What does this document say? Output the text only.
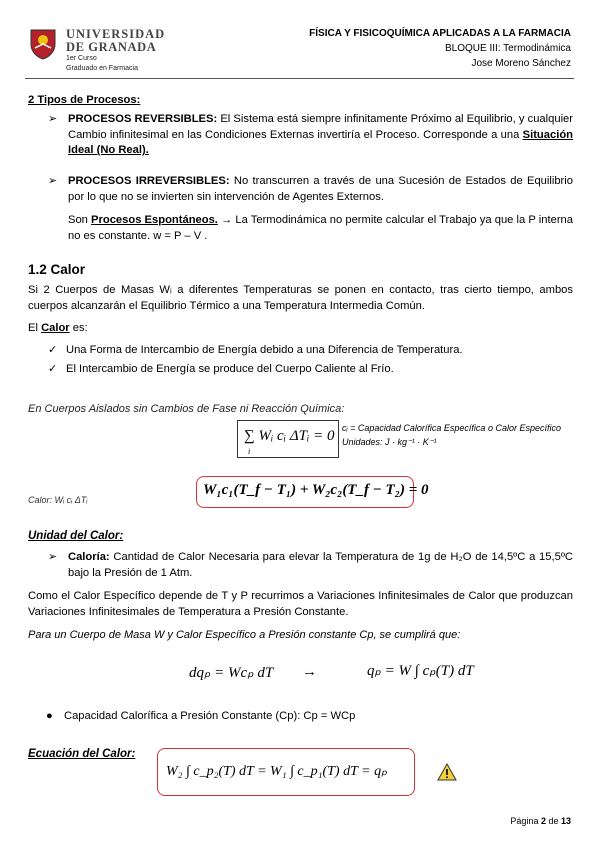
UNIVERSIDAD
DE GRANADA
1er Curso
Graduado en Farmacia
FÍSICA Y FISICOQUÍMICA APLICADAS A LA FARMACIA
BLOQUE III: Termodinámica
Jose Moreno Sánchez
2 Tipos de Procesos:
➢ PROCESOS REVERSIBLES: El Sistema está siempre infinitamente Próximo al Equilibrio, y cualquier Cambio infinitesimal en las Condiciones Externas invertiría el Proceso. Corresponde a una Situación Ideal (No Real).
➢ PROCESOS IRREVERSIBLES: No transcurren a través de una Sucesión de Estados de Equilibrio por lo que no se invierten sin intervención de Agentes Externos.
Son Procesos Espontáneos. → La Termodinámica no permite calcular el Trabajo ya que la P interna no es constante. w = P – V .
1.2 Calor
Si 2 Cuerpos de Masas Wᵢ a diferentes Temperaturas se ponen en contacto, tras cierto tiempo, ambos cuerpos alcanzarán el Equilibrio Térmico a una Temperatura Intermedia Común.
El Calor es:
✓ Una Forma de Intercambio de Energía debido a una Diferencia de Temperatura.
✓ El Intercambio de Energía se produce del Cuerpo Caliente al Frío.
En Cuerpos Aislados sin Cambios de Fase ni Reacción Química:
∑ Wᵢ cᵢ ΔTᵢ = 0
i
cᵢ = Capacidad Calorífica Específica o Calor Específico
Unidades: J · kg⁻¹ · K⁻¹
Calor: Wᵢ cᵢ ΔTᵢ
W₁c₁(T_f − T₁) + W₂c₂(T_f − T₂) = 0
Unidad del Calor:
➢ Caloría: Cantidad de Calor Necesaria para elevar la Temperatura de 1g de H₂O de 14,5ºC a 15,5ºC bajo la Presión de 1 Atm.
Como el Calor Específico depende de T y P recurrimos a Variaciones Infinitesimales de Calor que produzcan Variaciones Infinitesimales de Temperatura a Presión Constante.
Para un Cuerpo de Masa W y Calor Específico a Presión constante Cp, se cumplirá que:
dqₚ = Wcₚ dT →	qₚ = W ∫ cₚ(T) dT
● Capacidad Calorífica a Presión Constante (Cp): Cp = WCp
Ecuación del Calor:
W₂ ∫ c_p₂(T) dT = W₁ ∫ c_p₁(T) dT = qₚ
Página 2 de 13
